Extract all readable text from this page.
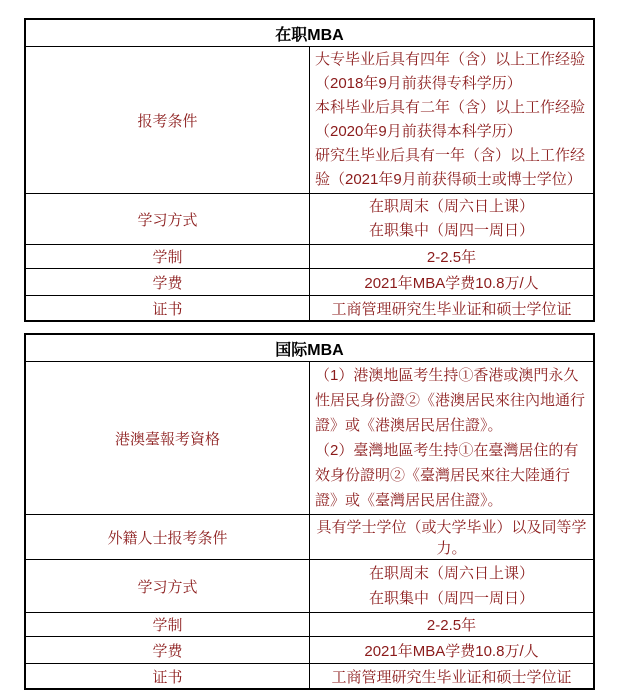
在职MBA	
报考条件	大专毕业后具有四年（含）以上工作经验（2018年9月前获得专科学历）
本科毕业后具有二年（含）以上工作经验（2020年9月前获得本科学历）
研究生毕业后具有一年（含）以上工作经验（2021年9月前获得硕士或博士学位）

学习方式	在职周末（周六日上课）
在职集中（周四一周日）

学制	2-2.5年
学费	2021年MBA学费10.8万/人
证书	工商管理研究生毕业证和硕士学位证
国际MBA	
港澳臺報考資格	（1）港澳地區考生持①香港或澳門永久性居民身份證②《港澳居民來往內地通行證》或《港澳居民居住證》。
（2）臺灣地區考生持①在臺灣居住的有效身份證明②《臺灣居民來往大陸通行證》或《臺灣居民居住證》。

外籍人士报考条件	具有学士学位（或大学毕业）以及同等学力。
学习方式	在职周末（周六日上课）
在职集中（周四一周日）

学制	2-2.5年
学费	2021年MBA学费10.8万/人
证书	工商管理研究生毕业证和硕士学位证
